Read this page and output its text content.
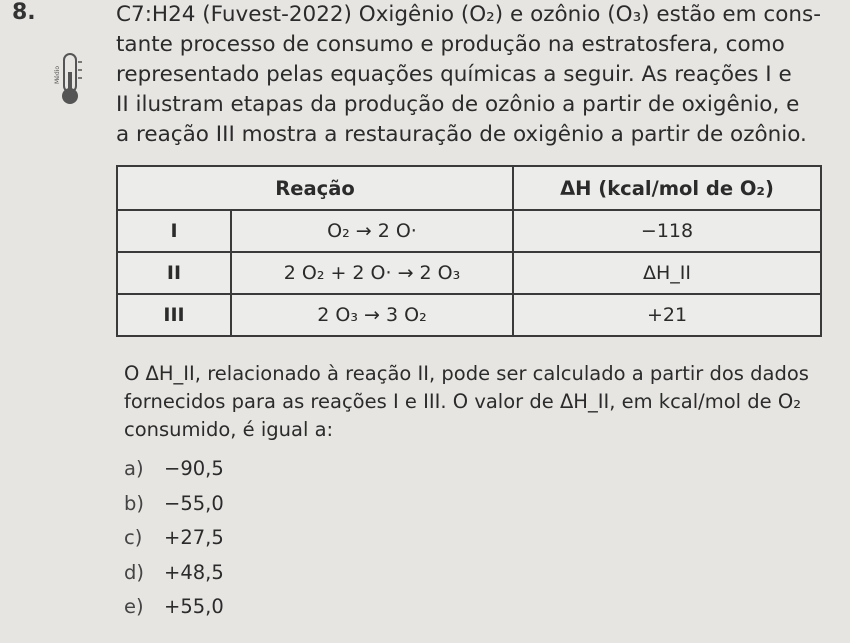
8.
Médio
C7:H24 (Fuvest-2022) Oxigênio (O₂) e ozônio (O₃) estão em cons-
tante processo de consumo e produção na estratosfera, como
representado pelas equações químicas a seguir. As reações I e
II ilustram etapas da produção de ozônio a partir de oxigênio, e
a reação III mostra a restauração de oxigênio a partir de ozônio.
Reação		ΔH (kcal/mol de O₂)
I	O₂ → 2 O·	−118
II	2 O₂ + 2 O· → 2 O₃	ΔH_II
III	2 O₃ → 3 O₂	+21
O ΔH_II, relacionado à reação II, pode ser calculado a partir dos dados
fornecidos para as reações I e III. O valor de ΔH_II, em kcal/mol de O₂
consumido, é igual a:
a) −90,5
b) −55,0
c) +27,5
d) +48,5
e) +55,0
